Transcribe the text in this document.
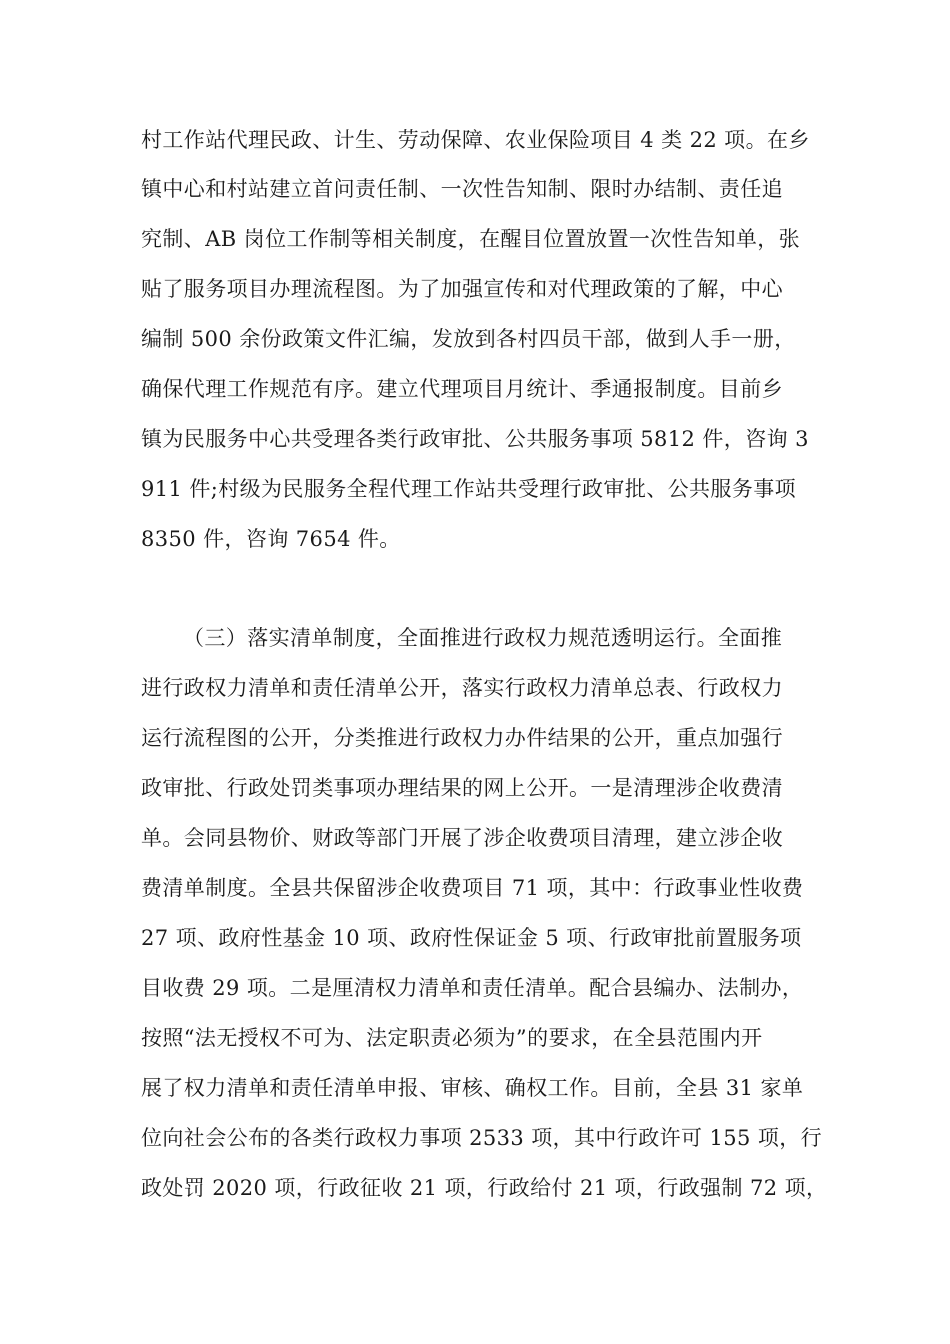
村工作站代理民政、计生、劳动保障、农业保险项目 4 类 22 项。在乡
镇中心和村站建立首问责任制、一次性告知制、限时办结制、责任追
究制、AB 岗位工作制等相关制度，在醒目位置放置一次性告知单，张
贴了服务项目办理流程图。为了加强宣传和对代理政策的了解，中心
编制 500 余份政策文件汇编，发放到各村四员干部，做到人手一册，
确保代理工作规范有序。建立代理项目月统计、季通报制度。目前乡
镇为民服务中心共受理各类行政审批、公共服务事项 5812 件，咨询 3
911 件;村级为民服务全程代理工作站共受理行政审批、公共服务事项
8350 件，咨询 7654 件。
（三）落实清单制度，全面推进行政权力规范透明运行。全面推
进行政权力清单和责任清单公开，落实行政权力清单总表、行政权力
运行流程图的公开，分类推进行政权力办件结果的公开，重点加强行
政审批、行政处罚类事项办理结果的网上公开。一是清理涉企收费清
单。会同县物价、财政等部门开展了涉企收费项目清理，建立涉企收
费清单制度。全县共保留涉企收费项目 71 项，其中：行政事业性收费
27 项、政府性基金 10 项、政府性保证金 5 项、行政审批前置服务项
目收费 29 项。二是厘清权力清单和责任清单。配合县编办、法制办，
按照“法无授权不可为、法定职责必须为”的要求，在全县范围内开
展了权力清单和责任清单申报、审核、确权工作。目前，全县 31 家单
位向社会公布的各类行政权力事项 2533 项，其中行政许可 155 项，行
政处罚 2020 项，行政征收 21 项，行政给付 21 项，行政强制 72 项，
